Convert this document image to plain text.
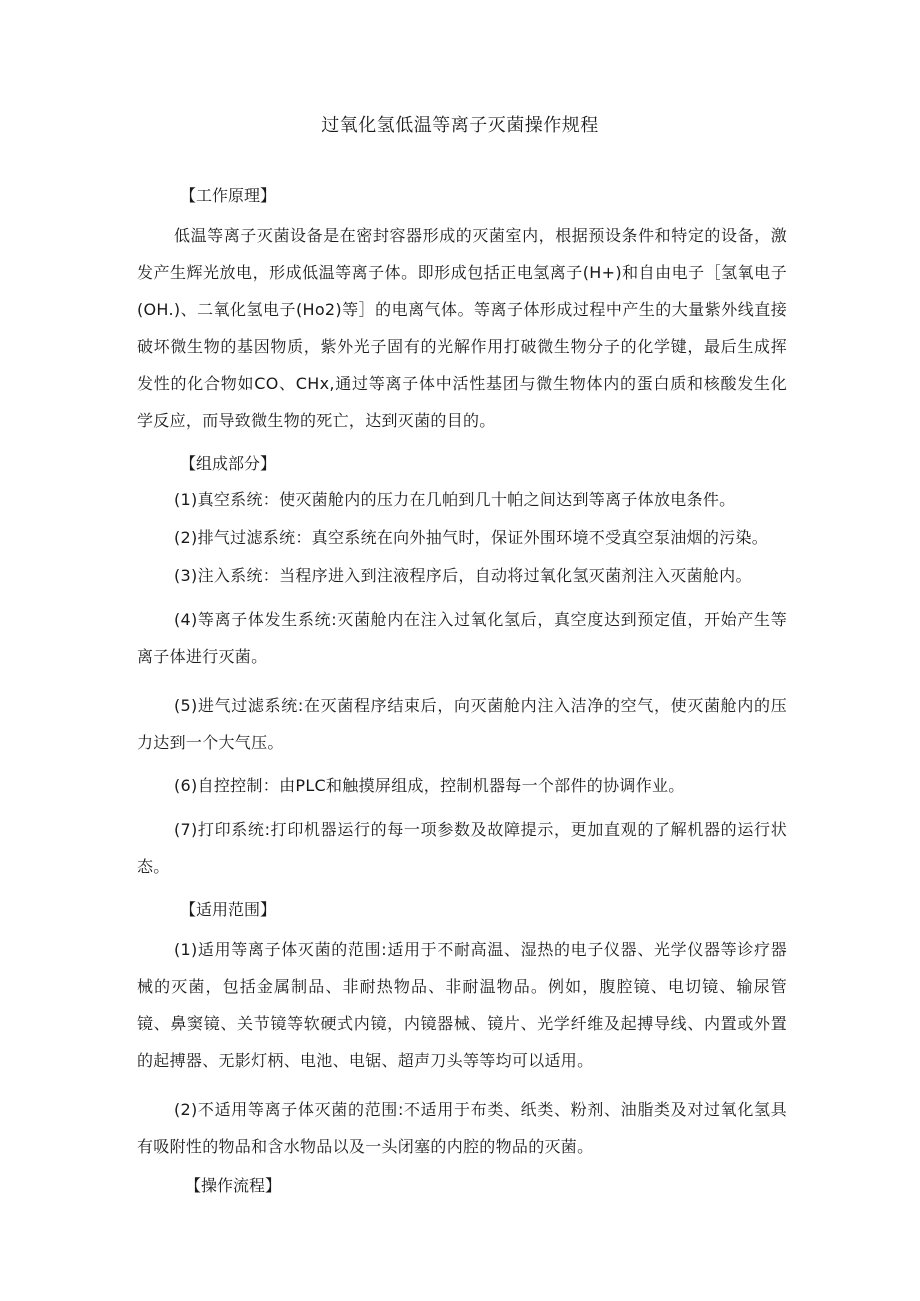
过氧化氢低温等离子灭菌操作规程

【工作原理】

低温等离子灭菌设备是在密封容器形成的灭菌室内，根据预设条件和特定的设备，激发产生辉光放电，形成低温等离子体。即形成包括正电氢离子(H+)和自由电子［氢氧电子(OH.)、二氧化氢电子(Ho2)等］的电离气体。等离子体形成过程中产生的大量紫外线直接破坏微生物的基因物质，紫外光子固有的光解作用打破微生物分子的化学键，最后生成挥发性的化合物如CO、CHx,通过等离子体中活性基团与微生物体内的蛋白质和核酸发生化学反应，而导致微生物的死亡，达到灭菌的目的。

【组成部分】

(1)真空系统：使灭菌舱内的压力在几帕到几十帕之间达到等离子体放电条件。

(2)排气过滤系统：真空系统在向外抽气时，保证外围环境不受真空泵油烟的污染。

(3)注入系统：当程序进入到注液程序后，自动将过氧化氢灭菌剂注入灭菌舱内。

(4)等离子体发生系统:灭菌舱内在注入过氧化氢后，真空度达到预定值，开始产生等离子体进行灭菌。

(5)进气过滤系统:在灭菌程序结束后，向灭菌舱内注入洁净的空气，使灭菌舱内的压力达到一个大气压。

(6)自控控制：由PLC和触摸屏组成，控制机器每一个部件的协调作业。

(7)打印系统:打印机器运行的每一项参数及故障提示，更加直观的了解机器的运行状态。

【适用范围】

(1)适用等离子体灭菌的范围:适用于不耐高温、湿热的电子仪器、光学仪器等诊疗器械的灭菌，包括金属制品、非耐热物品、非耐温物品。例如，腹腔镜、电切镜、输尿管镜、鼻窦镜、关节镜等软硬式内镜，内镜器械、镜片、光学纤维及起搏导线、内置或外置的起搏器、无影灯柄、电池、电锯、超声刀头等等均可以适用。

(2)不适用等离子体灭菌的范围:不适用于布类、纸类、粉剂、油脂类及对过氧化氢具有吸附性的物品和含水物品以及一头闭塞的内腔的物品的灭菌。

【操作流程】
